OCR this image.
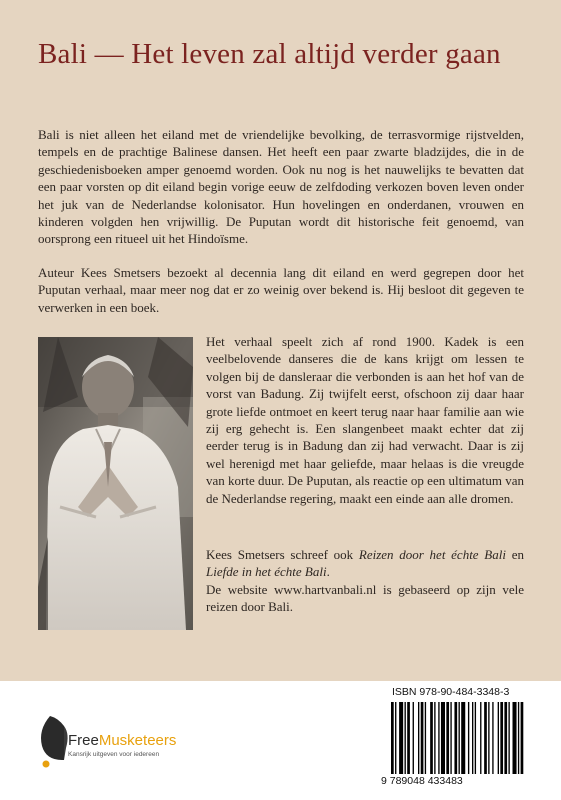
Bali — Het leven zal altijd verder gaan

Bali is niet alleen het eiland met de vriendelijke bevolking, de terrasvormige rijstvelden, tempels en de prachtige Balinese dansen. Het heeft een paar zwarte bladzijdes, die in de geschiedenisboeken amper genoemd worden. Ook nu nog is het nauwelijks te bevatten dat een paar vorsten op dit eiland begin vorige eeuw de zelfdoding verkozen boven leven onder het juk van de Nederlandse kolonisator. Hun hovelingen en onderdanen, vrouwen en kinderen volgden hen vrijwillig. De Puputan wordt dit historische feit genoemd, van oorsprong een ritueel uit het Hindoïsme.

Auteur Kees Smetsers bezoekt al decennia lang dit eiland en werd gegrepen door het Puputan verhaal, maar meer nog dat er zo weinig over bekend is. Hij besloot dit gegeven te verwerken in een boek.

Het verhaal speelt zich af rond 1900. Kadek is een veelbelovende danseres die de kans krijgt om lessen te volgen bij de dansleraar die verbonden is aan het hof van de vorst van Badung. Zij twijfelt eerst, ofschoon zij daar haar grote liefde ontmoet en keert terug naar haar familie aan wie zij erg gehecht is. Een slangenbeet maakt echter dat zij eerder terug is in Badung dan zij had verwacht. Daar is zij wel herenigd met haar geliefde, maar helaas is die vreugde van korte duur. De Puputan, als reactie op een ultimatum van de Nederlandse regering, maakt een einde aan alle dromen.

Kees Smetsers schreef ook Reizen door het échte Bali en Liefde in het échte Bali.
De website www.hartvanbali.nl is gebaseerd op zijn vele reizen door Bali.

FreeMusketeers
Kansrijk uitgeven voor iedereen
ISBN 978-90-484-3348-3
9 789048 433483
